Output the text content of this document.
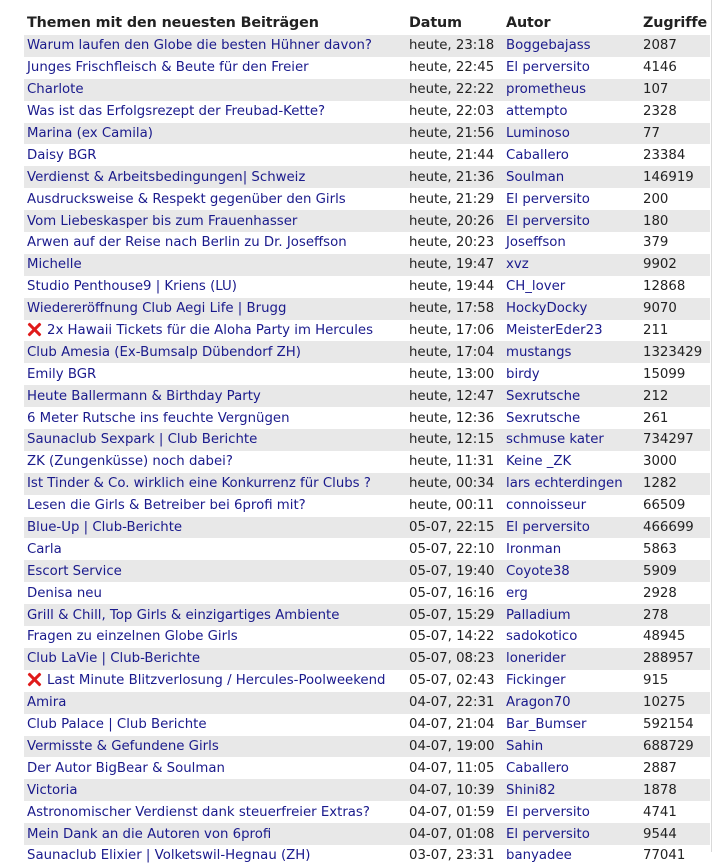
Themen mit den neuesten Beiträgen	Datum	Autor	Zugriffe
Warum laufen den Globe die besten Hühner davon?	heute, 23:18	Boggebajass	2087
Junges Frischfleisch & Beute für den Freier	heute, 22:45	El perversito	4146
Charlote	heute, 22:22	prometheus	107
Was ist das Erfolgsrezept der Freubad-Kette?	heute, 22:03	attempto	2328
Marina (ex Camila)	heute, 21:56	Luminoso	77
Daisy BGR	heute, 21:44	Caballero	23384
Verdienst & Arbeitsbedingungen| Schweiz	heute, 21:36	Soulman	146919
Ausdrucksweise & Respekt gegenüber den Girls	heute, 21:29	El perversito	200
Vom Liebeskasper bis zum Frauenhasser	heute, 20:26	El perversito	180
Arwen auf der Reise nach Berlin zu Dr. Joseffson	heute, 20:23	Joseffson	379
Michelle	heute, 19:47	xvz	9902
Studio Penthouse9 | Kriens (LU)	heute, 19:44	CH_lover	12868
Wiedereröffnung Club Aegi Life | Brugg	heute, 17:58	HockyDocky	9070
2x Hawaii Tickets für die Aloha Party im Hercules	heute, 17:06	MeisterEder23	211
Club Amesia (Ex-Bumsalp Dübendorf ZH)	heute, 17:04	mustangs	1323429
Emily BGR	heute, 13:00	birdy	15099
Heute Ballermann & Birthday Party	heute, 12:47	Sexrutsche	212
6 Meter Rutsche ins feuchte Vergnügen	heute, 12:36	Sexrutsche	261
Saunaclub Sexpark | Club Berichte	heute, 12:15	schmuse kater	734297
ZK (Zungenküsse) noch dabei?	heute, 11:31	Keine _ZK	3000
Ist Tinder & Co. wirklich eine Konkurrenz für Clubs ?	heute, 00:34	lars echterdingen	1282
Lesen die Girls & Betreiber bei 6profi mit?	heute, 00:11	connoisseur	66509
Blue-Up | Club-Berichte	05-07, 22:15	El perversito	466699
Carla	05-07, 22:10	Ironman	5863
Escort Service	05-07, 19:40	Coyote38	5909
Denisa neu	05-07, 16:16	erg	2928
Grill & Chill, Top Girls & einzigartiges Ambiente	05-07, 15:29	Palladium	278
Fragen zu einzelnen Globe Girls	05-07, 14:22	sadokotico	48945
Club LaVie | Club-Berichte	05-07, 08:23	lonerider	288957
Last Minute Blitzverlosung / Hercules-Poolweekend	05-07, 02:43	Fickinger	915
Amira	04-07, 22:31	Aragon70	10275
Club Palace | Club Berichte	04-07, 21:04	Bar_Bumser	592154
Vermisste & Gefundene Girls	04-07, 19:00	Sahin	688729
Der Autor BigBear & Soulman	04-07, 11:05	Caballero	2887
Victoria	04-07, 10:39	Shini82	1878
Astronomischer Verdienst dank steuerfreier Extras?	04-07, 01:59	El perversito	4741
Mein Dank an die Autoren von 6profi	04-07, 01:08	El perversito	9544
Saunaclub Elixier | Volketswil-Hegnau (ZH)	03-07, 23:31	banyadee	77041
